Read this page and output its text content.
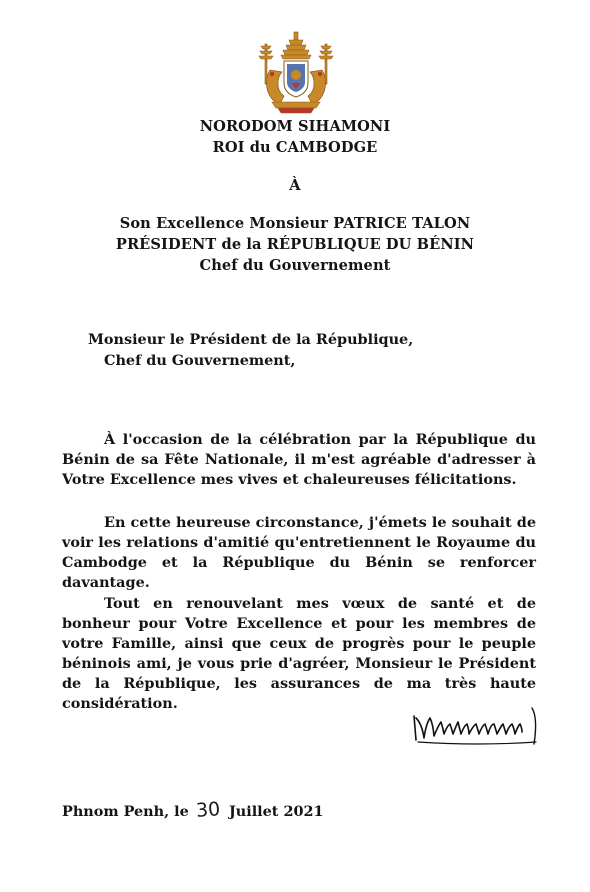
NORODOM SIHAMONI
ROI du CAMBODGE
À
Son Excellence Monsieur PATRICE TALON
PRÉSIDENT de la RÉPUBLIQUE DU BÉNIN
Chef du Gouvernement
Monsieur le Président de la République,
Chef du Gouvernement,

À l'occasion de la célébration par la République du Bénin de sa Fête Nationale, il m'est agréable d'adresser à Votre Excellence mes vives et chaleureuses félicitations.

En cette heureuse circonstance, j'émets le souhait de voir les relations d'amitié qu'entretiennent le Royaume du Cambodge et la République du Bénin se renforcer davantage.

Tout en renouvelant mes vœux de santé et de bonheur pour Votre Excellence et pour les membres de votre Famille, ainsi que ceux de progrès pour le peuple béninois ami, je vous prie d'agréer, Monsieur le Président de la République, les assurances de ma très haute considération.

Phnom Penh, le 30 Juillet 2021
